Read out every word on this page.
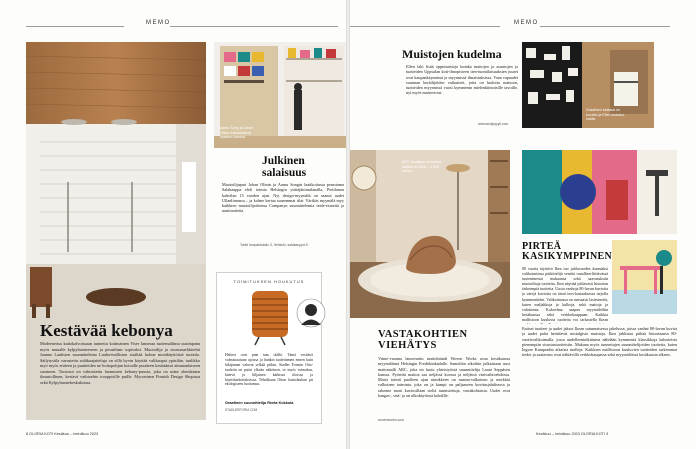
MEMO
Kestävää kebonya
Moderneissa kattokalvoissaan tunnettu kotimainen Viser lanseraa tuotemallinsa uusimpana myös muualle kylpyhuoneeseen ja pesutilaan sopivaksi. Muotoilija ja sisustusarkkitehti Juanna Lauhsten suunnittelema Lauha-malliston sisältää kolme monikäyttöistä tuotetta. Säilytystila varustettu suihkuajatteluja on sillä hyvin käyttää valikaupat ypäsilän, tuulikko myö myös eräteen ja puutteiden ne hoitopohjan kotoalle puutteen kesitäänsä aimmanlaiseen suomeen. Tuotosot on valmistettu luonnosen kebony-puusta, joka on mänt ohenlainen ilmastollinen, kestävä vaihtoehto trooppisille puille. Myconinen Finnish Design Shopissa sekä Kylpyhuonekeskuksissa.
Aamu Song ja Johan Olinin mahdollisesti lipaston kanssa.
Julkinen salaisuus
Muotoilijapari Johan Olinin ja Aamu Songin laatikoitusta perustama Salakauppa eleli toimia Helsingin yrittäjätoimilanalla, Pietilanon kahvilan 15 vuoden ajan. Nyt design-myymälä on saanut uudet Ullanlinnassa – ja kolme kertaa suuremmat tilat. Värikäs myymälä myy kaikkien muotoilijoittensa Companyn suunnittelemia taide-esineitä ja uunituotteita.
Tankt lompakkotalo 3, Helsinki, salakauppa.fi
TOIMITUKSEN HOUKUTUS
Helteet ovat pian taas täällä. Tämä vesitävä valmistautuun ajoissa ja hankin tuuletinmen ennen kuin hikipinnat valuvat selkää pitkin. Stadler Formin Otto-tuuletin on paitsi ylkeän näköinen, se myös voimakas, kätevä ja hiljainen kaikissa tiloissa ja käyttötarkoituksessa. Tehokkaan Otton kantolaukun pii ekologiseen luottamus.
Graafinen suunnittelija Reeta Kokkola
STADLERFORM.COM
8 GLORIA KOTI Kesäkuu – heinäkuu 2023
MEMO
Muistojen kudelma
Ellen laki lisää oppimuistoja kuinka mattojen ja asuntojen ja tuotteiden Uppsalan koti-ilmopisteen tien-tuontilaisuuksien juuret ovat kaupankäynnissä ja myynnissä ilmaistuksissa. Vaan vapaudet suunnan keräilijöiden vaikutteet, joita on kudottu mattoon, tuotteiden myynnissä vuosi kymmenin mielenkiintoisille tavoille, nyt myös mattovirrat.
avinnandjoyyyli.com
Graafinen katsaus on kuvattu ja Ellen kudoksi-maille.
ARC muokkaa nummeto-säästö on AGN – 1 894 euroa.
VASTAKOHTIEN VIEHÄTYS
Viime-vuonna lanseerattu mattobrändi Woven Works avaa kesäkuussa myymälänsä Helsingin Fredrikinkadulle. Samoihin aikoihin julkaistaan uusi mattomalli ARC, joka on luotu yhteistyössä suunnittelija Laura Seppäsen kanssa. Pyöreää mattoa saa neljässä koossa ja neljässä värivaihtoehdossa. Matot toimii puolleen ajan nimikkeen on naama-valkoinen ja merkkiä valkoinen toiminta, joka on ja kumpi on paljaaseen kuvitusjahdisessa ja rakenne moni kuviosillaan sieltä tunnistettuja, vastakohtaisia. Uudet ovat kangas-, sisä- ja on ulkokäytössä kohdille.
wovenworks.com
PIRTEÄ KASIKYMPPINEN
80 vuotta täyttävä Ikea tuo juhlavuoden kunniaksi valikoimiinsa pärkittelijä venttiä ruuallien-liittävässä tuotenimessä mukaansa sekä saavutuksiin muotoiltuja tuotteita, Ikea näyttää juhlavasti historian tärkeimpiä tuotteita. Uusia vanhoja 80-luvun kuvioita ja värejä kuvioita on tässä teos-kattauksessa tarjolla kymmenittäin. Valikoimassa on runsaasti lasiesineitä, kuten maljakkoja ja kulhoja, sekä mattoja ja valaisimia. Kokoelma saapuu myymälöihin kesäkuussa sekä verkkokauppaan. Kaikkia mallistoon kuuluvia tuotteita voi tarkastella Ikean
Entiset tuotteet ja uudet jaksot Ikean satunnaisessa jakelussa, joissa vanhat 80-luvun kuviot ja uudet palat herättävät nostalgisia muistoja. Ikea juhlistaa pitkää historiaansa 80-vuotisvalikoimalla, jossa uudelleentulkittuina nähdään kymmeniä klassikkoja kalusteista pienempiin sisustustuotteisiin. Mukana myös tunnettujen suunnittelijoiden tuotteita, kuten Ingvar Kampradin aikaisia malleja. Kaikkien mallistoon kuuluvien tuotteiden tarkemmat tiedot ja saatavuus ovat nähtävillä verkkokaupassa sekä myymälöissä kesäkuusta alkaen.
Kesäkuu – heinäkuu 2023 GLORIA KOTI 9
